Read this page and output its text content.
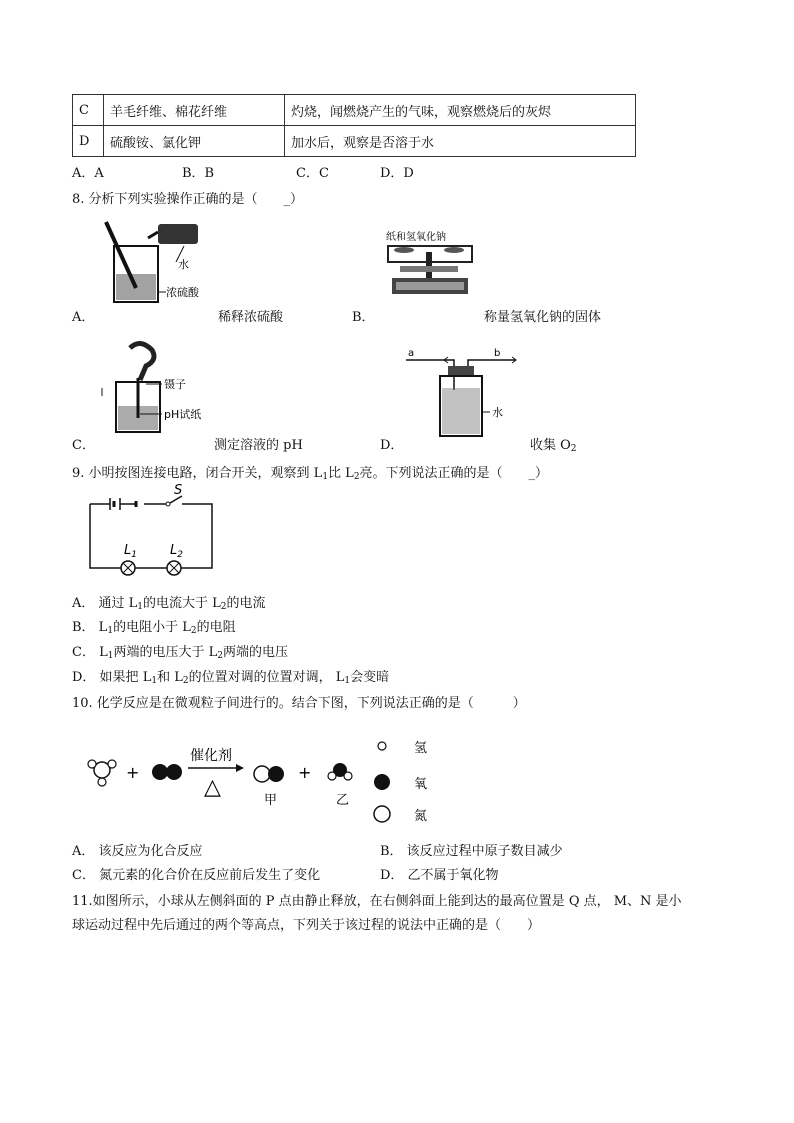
C	羊毛纤维、棉花纤维	灼烧，闻燃烧产生的气味，观察燃烧后的灰烬
D	硫酸铵、氯化钾	加水后，观察是否溶于水
A．A	B．B	C．C	D．D
8. 分析下列实验操作正确的是（　　_）
水
浓硫酸
A．	稀释浓硫酸
纸和氢氧化钠
B．	称量氢氧化钠的固体
镊子
pH试纸
C．	测定溶液的 pH
a	b
水
D．	收集 $O_2$
9. 小明按图连接电路，闭合开关，观察到 $L_1$比 $L_2$亮。下列说法正确的是（　　_）
S
$L_1$	$L_2$
A． 通过 $L_1$的电流大于 $L_2$的电流
B． $L_1$的电阻小于 $L_2$的电阻
C． $L_1$两端的电压大于 $L_2$两端的电压
D． 如果把 $L_1$和 $L_2$的位置对调的位置对调， $L_1$会变暗
10. 化学反应是在微观粒子间进行的。结合下图，下列说法正确的是（　　　）
+
催化剂
△
甲
+
乙
氢
氧
氮
A． 该反应为化合反应	B． 该反应过程中原子数目减少
C． 氮元素的化合价在反应前后发生了变化	D． 乙不属于氧化物
11.如图所示，小球从左侧斜面的 P 点由静止释放，在右侧斜面上能到达的最高位置是 Q 点， M、N 是小
球运动过程中先后通过的两个等高点，下列关于该过程的说法中正确的是（　　）
